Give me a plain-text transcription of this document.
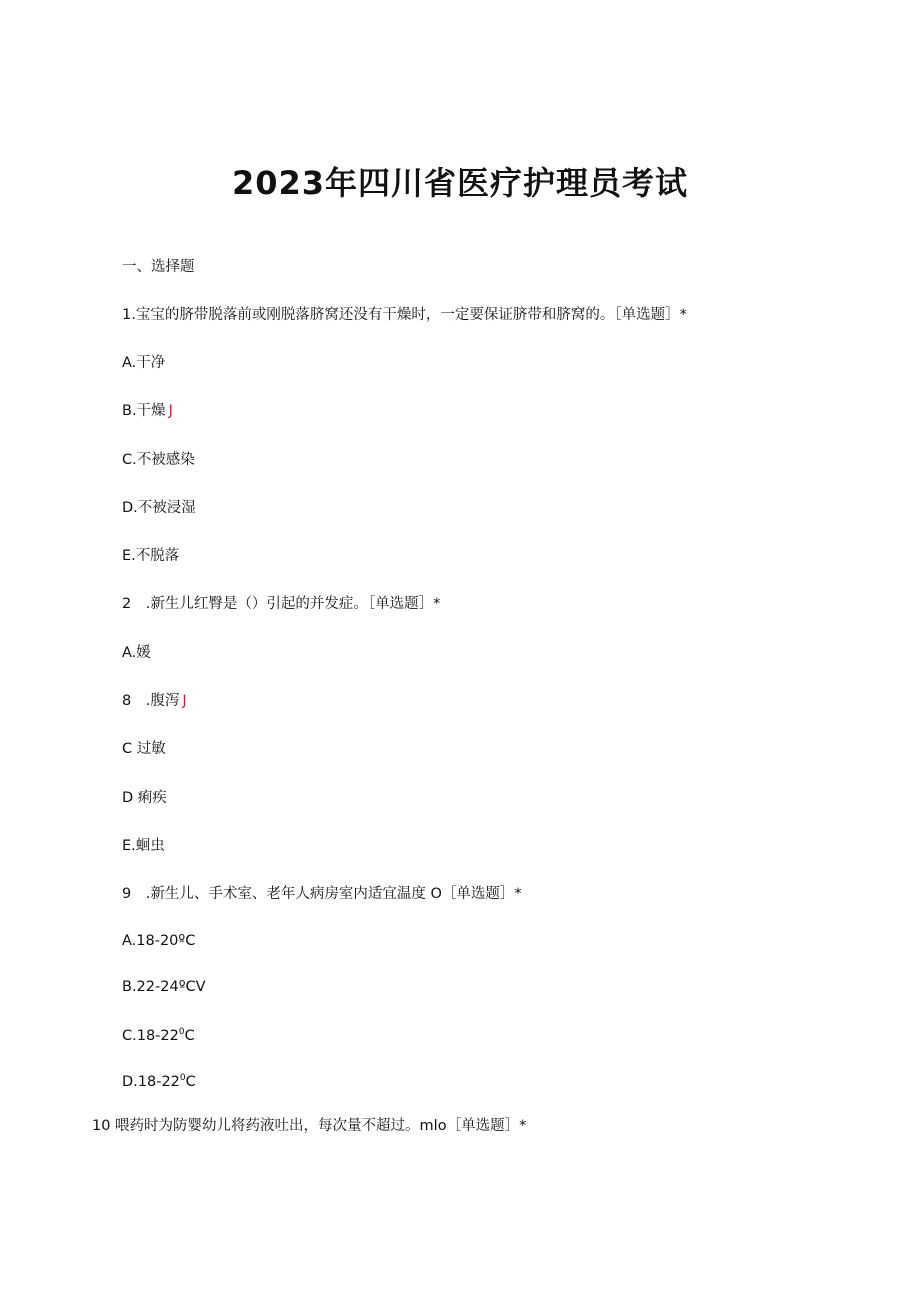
2023年四川省医疗护理员考试
一、选择题
1.宝宝的脐带脱落前或刚脱落脐窝还没有干燥时，一定要保证脐带和脐窝的。［单选题］*
A.干净
B.干燥 J
C.不被感染
D.不被浸湿
E.不脱落
2　.新生儿红臀是（）引起的并发症。［单选题］*
A.媛
8　.腹泻 J
C 过敏
D 痢疾
E.蛔虫
9　.新生儿、手术室、老年人病房室内适宜温度 O［单选题］*
A.18-20ºC
B.22-24ºCV
$C.18-22^0C$
$D.18-22^0C$
10 喂药时为防婴幼儿将药液吐出，每次量不超过。mlo［单选题］*
